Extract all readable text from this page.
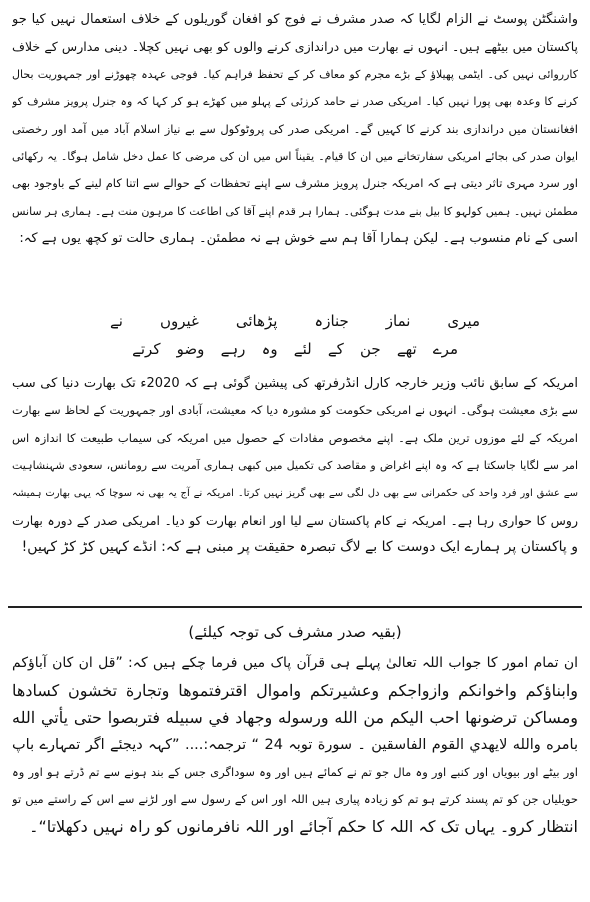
واشنگٹن پوسٹ نے الزام لگایا کہ صدر مشرف نے فوج کو افغان گوریلوں کے خلاف استعمال نہیں کیا جو
پاکستان میں بیٹھے ہیں۔ انہوں نے بھارت میں دراندازی کرنے والوں کو بھی نہیں کچلا۔ دینی مدارس کے خلاف
کارروائی نہیں کی۔ ایٹمی پھیلاؤ کے بڑے مجرم کو معاف کر کے تحفظ فراہم کیا۔ فوجی عہدہ چھوڑنے اور جمہوریت بحال
کرنے کا وعدہ بھی پورا نہیں کیا۔ امریکی صدر نے حامد کرزئی کے پہلو میں کھڑے ہو کر کہا کہ وہ جنرل پرویز مشرف کو
افغانستان میں دراندازی بند کرنے کا کہیں گے۔ امریکی صدر کی پروٹوکول سے بے نیاز اسلام آباد میں آمد اور رخصتی
ایوان صدر کی بجائے امریکی سفارتخانے میں ان کا قیام۔ یقیناً اس میں ان کی مرضی کا عمل دخل شامل ہوگا۔ یہ رکھائی
اور سرد مہری تاثر دیتی ہے کہ امریکہ جنرل پرویز مشرف سے اپنے تحفظات کے حوالے سے اتنا کام لینے کے باوجود بھی
مطمئن نہیں۔ ہمیں کولہو کا بیل بنے مدت ہوگئی۔ ہمارا ہر قدم اپنے آقا کی اطاعت کا مرہون منت ہے۔ ہماری ہر سانس
اسی کے نام منسوب ہے۔ لیکن ہمارا آقا ہم سے خوش ہے نہ مطمئن۔ ہماری حالت تو کچھ یوں ہے کہ:
میری
نماز
جنازہ
پڑھائی
غیروں
نے
مرے
تھے
جن
کے
لئے
وہ
رہے
وضو
کرتے
امریکہ کے سابق نائب وزیر خارجہ کارل انڈرفرتھ کی پیشین گوئی ہے کہ 2020ء تک بھارت دنیا کی سب
سے بڑی معیشت ہوگی۔ انہوں نے امریکی حکومت کو مشورہ دیا کہ معیشت، آبادی اور جمہوریت کے لحاظ سے بھارت
امریکہ کے لئے موزوں ترین ملک ہے۔ اپنے مخصوص مفادات کے حصول میں امریکہ کی سیماب طبیعت کا اندازہ اس
امر سے لگایا جاسکتا ہے کہ وہ اپنے اغراض و مقاصد کی تکمیل میں کبھی ہماری آمریت سے رومانس، سعودی شہنشاہیت
سے عشق اور فرد واحد کی حکمرانی سے بھی دل لگی سے بھی گریز نہیں کرتا۔ امریکہ نے آج یہ بھی نہ سوچا کہ یہی بھارت ہمیشہ
روس کا حواری رہا ہے۔ امریکہ نے کام پاکستان سے لیا اور انعام بھارت کو دیا۔ امریکی صدر کے دورہ بھارت
و پاکستان پر ہمارے ایک دوست کا بے لاگ تبصرہ حقیقت پر مبنی ہے کہ: انڈے کہیں کڑ کڑ کہیں!
(بقیہ صدر مشرف کی توجہ کیلئے)
ان تمام امور کا جواب اللہ تعالیٰ پہلے ہی قرآن پاک میں فرما چکے ہیں کہ: ”قل ان کان آباؤکم
وابناؤکم واخوانکم وازواجکم وعشیرتکم واموال اقترفتموها وتجارة تخشون كسادها
ومساكن ترضونها احب اليكم من الله ورسوله وجهاد في سبيله فتربصوا حتى يأتي الله
بامره والله لايهدي القوم الفاسقين ۔ سورة توبہ 24 “ ترجمہ:.... ”کہہ دیجئے اگر تمہارے باپ
اور بیٹے اور بیویاں اور کنبے اور وہ مال جو تم نے کمائے ہیں اور وہ سوداگری جس کے بند ہونے سے تم ڈرتے ہو اور وہ
حویلیاں جن کو تم پسند کرتے ہو تم کو زیادہ پیاری ہیں اللہ اور اس کے رسول سے اور لڑنے سے اس کے راستے میں تو
انتظار کرو۔ یہاں تک کہ اللہ کا حکم آجائے اور اللہ نافرمانوں کو راہ نہیں دکھلاتا“۔
